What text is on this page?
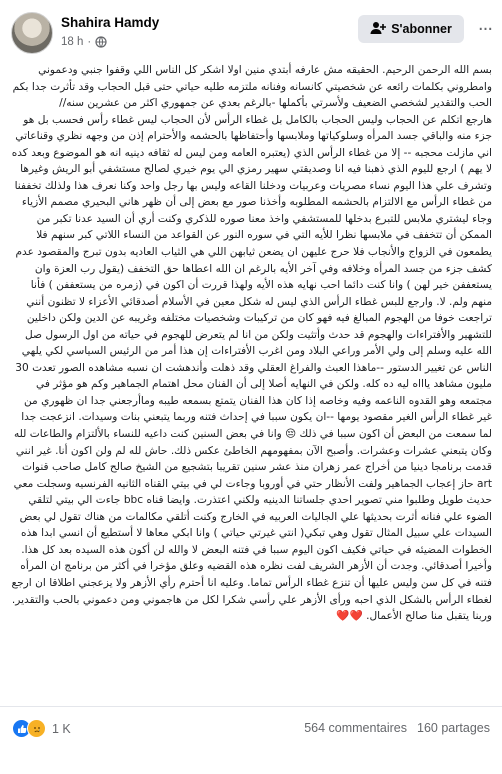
Shahira Hamdy
18 h ·
S'abonner ···

بسم الله الرحمن الرحيم. الحقيقه مش عارفه أبتدي منين اولا اشكر كل الناس اللي وقفوا جنبي ودعموني وامطروني بكلمات رائعه عن شخصيتي كانسانه وفنانه ملتزمه طليه حياتي حتى قبل الحجاب وقد تأثرت جدا بكم الحب والتقدير لشخصي الضعيف ولأسرتي بأكملها -بالرغم بعدي عن جمهوري اكثر من عشرين سنه//

هارجع اتكلم عن الحجاب وليس الحجاب بالكامل بل غطاء الرأس لأن الحجاب ليس غطاء رأس فحسب بل هو جزء منه والباقي جسد المرأه وسلوكياتها وملابسها وأحتفاظها بالحشمه والأحترام إذن من وجهه نظري وقناعاتي اني مازلت محجبه -- إلا من غطاء الرأس الذي (يعتبره العامه ومن ليس له ثقافه دينيه انه هو الموضوع وبعد كده لا يهم ) ارجع لليوم الذي ذهبنا فيه انا وصديقتي سهير رمزي الي يوم خيري لصالح مستشفي أبو الريش وغيرها وتشرف علي هذا اليوم نساء مصريات وعربيات ودخلنا القاعه وليس بها رجل واحد وكنا نعرف هذا ولذلك تخففنا من غطاء الرأس مع الالتزام بالحشمه المطلوبه وأخذنا صور مع بعض إلى أن ظهر هاني البحيري مصمم الأزياء وجاء ليشتري ملابس للتبرع بدخلها للمستشفي واخذ معنا صوره للذكري وكنت أري أن السيد عدنا تكبر من الممكن أن تتخفف في ملابسها نظرا للأيه التي في سوره النور عن القواعد من النساء اللاتي كبر سنهم فلا يطمعون في الزواج والأنجاب فلا حرج عليهن ان يضعن ثيابهن اللي هي الثياب العاديه بدون تبرج والمقصود عدم كشف جزء من جسد المرأه وخلافه وفي آخر الأيه بالرغم ان الله اعطاها حق التخفف (يقول رب العزة وان يستعففن خير لهن ) وانا كنت دائما احب نهايه هذه الأيه ولهذا قررت أن اكون في (زمره من يستعففن ) فأنا منهم ولم. لا. وارجع للبس غطاء الرأس الذي ليس له شكل معين في الأسلام أصدقائي الأعزاء لا تظنون أنني تراجعت خوفا من الهجوم المبالغ فيه فهو كان من تركيبات وشخصيات مختلفه وغريبه عن الدين ولكن داخلين للتشهير والأفتراءات والهجوم قد حدث وأتثيت ولكن من انا لم يتعرض للهجوم في حياته من اول الرسول صل الله عليه وسلم إلى ولي الأمر وراعي البلاد ومن اغرب الأفتراءات إن هذا أمر من الرئيس السياسي لكي يلهي الناس عن تغيير الدستور --ماهذا العبث والفراغ العقلي وقد ذهلت وأندهشت ان نسبه مشاهده الصور تعدت 30 مليون مشاهد ياااه ليه ده كله. ولكن في النهايه أصلا إلى أن الفنان محل اهتمام الجماهير وكم هو مؤثر في مجتمعه وهو القدوه الناعمه وفيه وخاصه إذا كان هذا الفنان يتمتع بسمعه طيبه وماأرجعني جدا ان ظهوري من غير غطاء الرأس الغير مقصود يومها --ان يكون سببا في إحداث فتنه وربما يتبعني بنات وسيدات. انزعجت جدا لما سمعت من البعض أن اكون سببا في ذلك 😔 وانا في بعض السنين كنت داعيه للنساء بالألتزام والطاعات لله وكان يتبعني عشرات وعشرات. وأصبح الآن بمفهومهم الخاطئ عكس ذلك. حاش لله لم ولن اكون أنا. غير انني قدمت برنامجا دينيا من أخراج عمر زهران منذ عشر سنين تقريبا بتشجيع من الشيخ صالح كامل صاحب قنوات art حاز إعجاب الجماهير ولفت الأنظار حتي في أوروبا وجاءت لي في بيتي القناه الثانيه الفرنسيه وسجلت معي حديث طويل وطلبوا مني تصوير احدي جلساتنا الدينيه ولكني اعتذرت. وايضا قناه bbc جاءت الي بيتي لتلقي الضوء علي فنانه أثرت بحديثها علي الجاليات العربيه في الخارج وكنت أتلقي مكالمات من هناك تقول لي بعض السيدات علي سبيل المثال تقول وهي تبكي( انتي غيرتي حياتي ) وانا ابكي معاها لا أستطيع أن انسي ابدا هذه الخطوات المضيئه في حياتي فكيف اكون اليوم سببا في فتنه البعض لا والله لن أكون هذه السيده بعد كل هذا. وأخيرا أصدقائي. وجدت أن الأزهر الشريف لفت نظره هذه القضيه وعلق مؤخرا في أكثر من برنامج ان المرأه فتنه في كل سن وليس عليها أن تنزع غطاء الرأس تماما. وعليه انا أحترم رأي الأزهر ولا يزعجني اطلاقا ان ارجع لغطاء الرأس بالشكل الذي احبه ورأى الأزهر علي رأسي شكرا لكل من هاجموني ومن دعموني بالحب والتقدير. وربنا يتقبل منا صالح الأعمال. ❤️❤️

1 K	564 commentaires 160 partages
